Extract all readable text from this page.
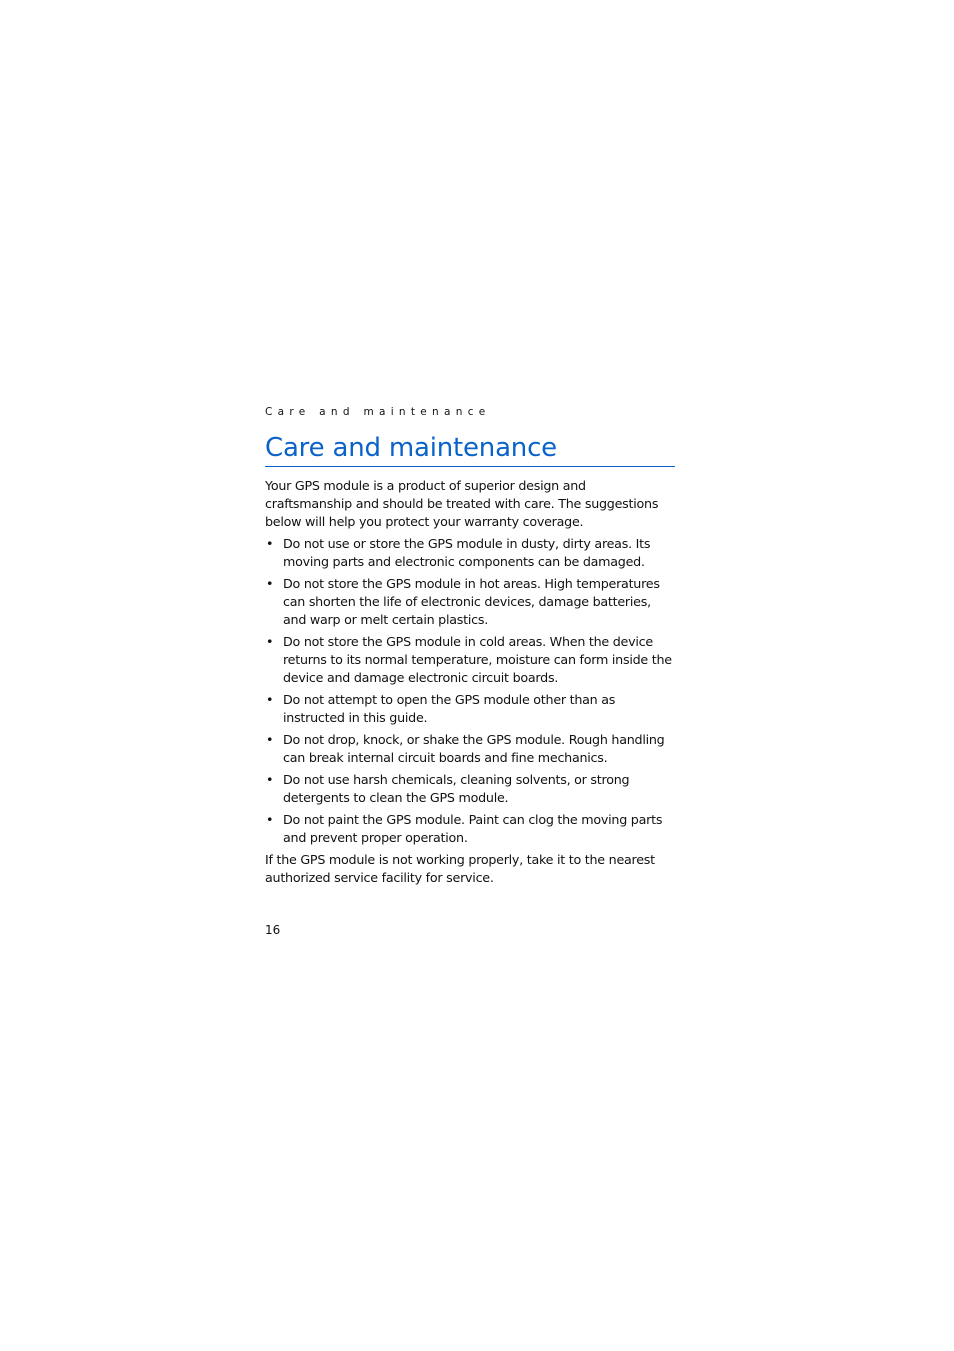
Care and maintenance

Care and maintenance

Your GPS module is a product of superior design and craftsmanship and should be treated with care. The suggestions below will help you protect your warranty coverage.

• Do not use or store the GPS module in dusty, dirty areas. Its moving parts and electronic components can be damaged.
• Do not store the GPS module in hot areas. High temperatures can shorten the life of electronic devices, damage batteries, and warp or melt certain plastics.
• Do not store the GPS module in cold areas. When the device returns to its normal temperature, moisture can form inside the device and damage electronic circuit boards.
• Do not attempt to open the GPS module other than as instructed in this guide.
• Do not drop, knock, or shake the GPS module. Rough handling can break internal circuit boards and fine mechanics.
• Do not use harsh chemicals, cleaning solvents, or strong detergents to clean the GPS module.
• Do not paint the GPS module. Paint can clog the moving parts and prevent proper operation.

If the GPS module is not working properly, take it to the nearest authorized service facility for service.

16
